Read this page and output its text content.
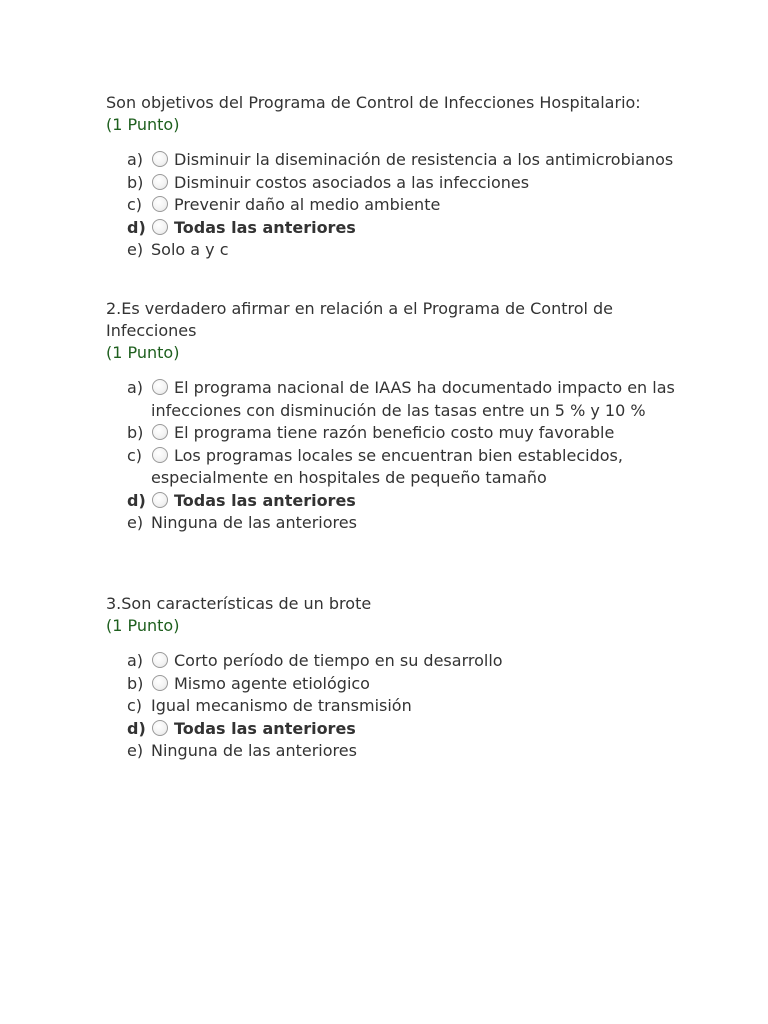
Son objetivos del Programa de Control de Infecciones Hospitalario:

(1 Punto)

a)	Disminuir la diseminación de resistencia a los antimicrobianos
b)	Disminuir costos asociados a las infecciones
c)	Prevenir daño al medio ambiente
d)	Todas las anteriores
e) Solo a y c

2.Es verdadero afirmar en relación a el Programa de Control de Infecciones

(1 Punto)

a)	El programa nacional de IAAS ha documentado impacto en las infecciones con disminución de las tasas entre un 5 % y 10 %
b)	El programa tiene razón beneficio costo muy favorable
c)	Los programas locales se encuentran bien establecidos, especialmente en hospitales de pequeño tamaño
d)	Todas las anteriores
e) Ninguna de las anteriores

3.Son características de un brote

(1 Punto)

a)	Corto período de tiempo en su desarrollo
b)	Mismo agente etiológico
c) Igual mecanismo de transmisión
d)	Todas las anteriores
e) Ninguna de las anteriores
